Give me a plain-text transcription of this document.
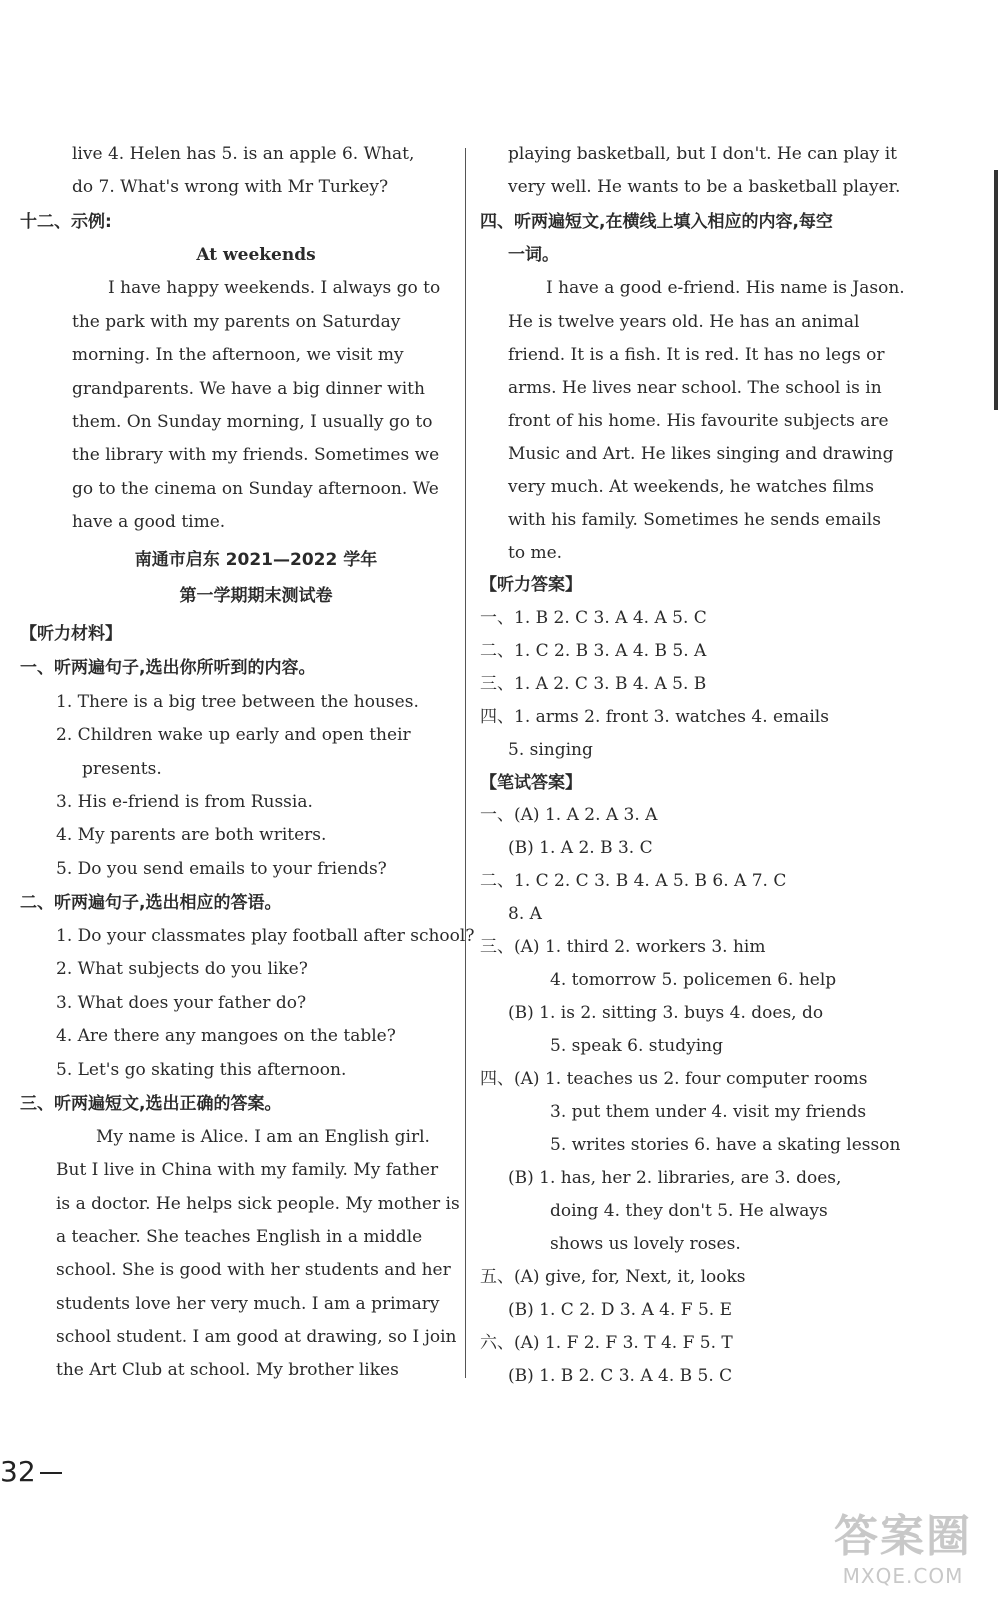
live 4. Helen has 5. is an apple 6. What,
do 7. What's wrong with Mr Turkey?
十二、示例:
At weekends
I have happy weekends. I always go to
the park with my parents on Saturday
morning. In the afternoon, we visit my
grandparents. We have a big dinner with
them. On Sunday morning, I usually go to
the library with my friends. Sometimes we
go to the cinema on Sunday afternoon. We
have a good time.
南通市启东 2021—2022 学年
第一学期期末测试卷
【听力材料】
一、听两遍句子,选出你所听到的内容。
1. There is a big tree between the houses.
2. Children wake up early and open their
presents.
3. His e-friend is from Russia.
4. My parents are both writers.
5. Do you send emails to your friends?
二、听两遍句子,选出相应的答语。
1. Do your classmates play football after school?
2. What subjects do you like?
3. What does your father do?
4. Are there any mangoes on the table?
5. Let's go skating this afternoon.
三、听两遍短文,选出正确的答案。
My name is Alice. I am an English girl.
But I live in China with my family. My father
is a doctor. He helps sick people. My mother is
a teacher. She teaches English in a middle
school. She is good with her students and her
students love her very much. I am a primary
school student. I am good at drawing, so I join
the Art Club at school. My brother likes
playing basketball, but I don't. He can play it
very well. He wants to be a basketball player.
四、听两遍短文,在横线上填入相应的内容,每空
一词。
I have a good e-friend. His name is Jason.
He is twelve years old. He has an animal
friend. It is a fish. It is red. It has no legs or
arms. He lives near school. The school is in
front of his home. His favourite subjects are
Music and Art. He likes singing and drawing
very much. At weekends, he watches films
with his family. Sometimes he sends emails
to me.
【听力答案】
一、1. B 2. C 3. A 4. A 5. C
二、1. C 2. B 3. A 4. B 5. A
三、1. A 2. C 3. B 4. A 5. B
四、1. arms 2. front 3. watches 4. emails
5. singing
【笔试答案】
一、(A) 1. A 2. A 3. A
(B) 1. A 2. B 3. C
二、1. C 2. C 3. B 4. A 5. B 6. A 7. C
8. A
三、(A) 1. third 2. workers 3. him
4. tomorrow 5. policemen 6. help
(B) 1. is 2. sitting 3. buys 4. does, do
5. speak 6. studying
四、(A) 1. teaches us 2. four computer rooms
3. put them under 4. visit my friends
5. writes stories 6. have a skating lesson
(B) 1. has, her 2. libraries, are 3. does,
doing 4. they don't 5. He always
shows us lovely roses.
五、(A) give, for, Next, it, looks
(B) 1. C 2. D 3. A 4. F 5. E
六、(A) 1. F 2. F 3. T 4. F 5. T
(B) 1. B 2. C 3. A 4. B 5. C
32
答案圈
MXQE.COM
